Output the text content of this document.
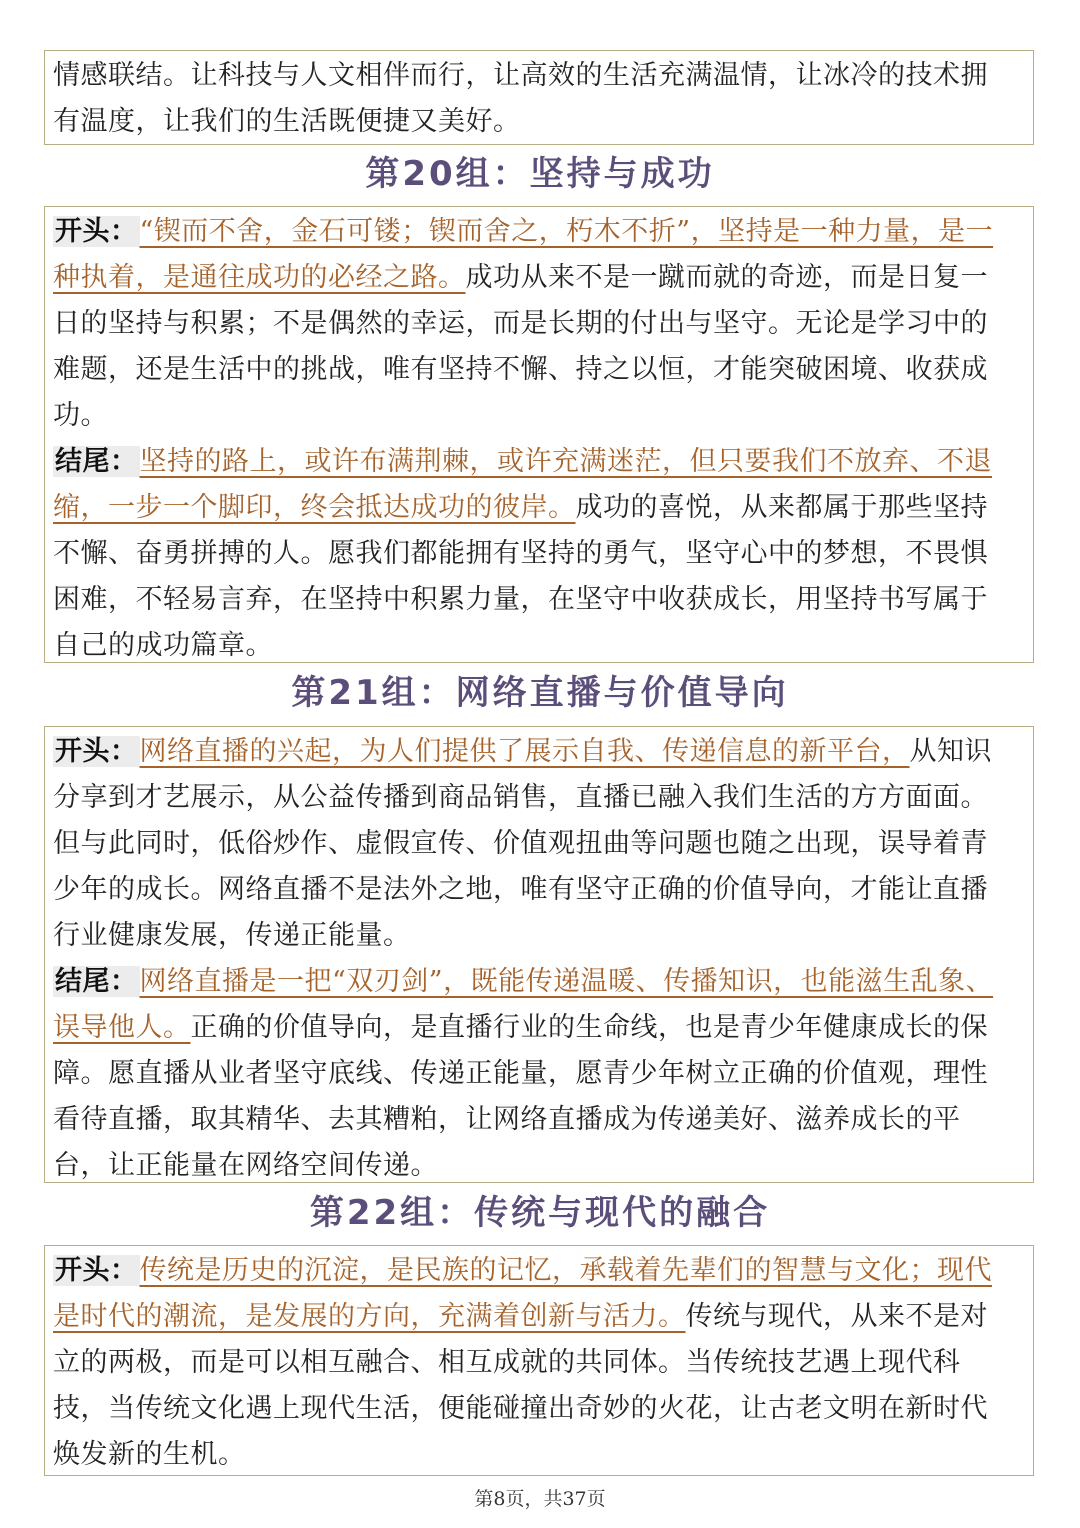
情感联结。让科技与人文相伴而行，让高效的生活充满温情，让冰冷的技术拥有温度，让我们的生活既便捷又美好。

第20组：坚持与成功

开头：“锲而不舍，金石可镂；锲而舍之，朽木不折”，坚持是一种力量，是一种执着，是通往成功的必经之路。成功从来不是一蹴而就的奇迹，而是日复一日的坚持与积累；不是偶然的幸运，而是长期的付出与坚守。无论是学习中的难题，还是生活中的挑战，唯有坚持不懈、持之以恒，才能突破困境、收获成功。

结尾：坚持的路上，或许布满荆棘，或许充满迷茫，但只要我们不放弃、不退缩，一步一个脚印，终会抵达成功的彼岸。成功的喜悦，从来都属于那些坚持不懈、奋勇拼搏的人。愿我们都能拥有坚持的勇气，坚守心中的梦想，不畏惧困难，不轻易言弃，在坚持中积累力量，在坚守中收获成长，用坚持书写属于自己的成功篇章。

第21组：网络直播与价值导向

开头：网络直播的兴起，为人们提供了展示自我、传递信息的新平台，从知识分享到才艺展示，从公益传播到商品销售，直播已融入我们生活的方方面面。但与此同时，低俗炒作、虚假宣传、价值观扭曲等问题也随之出现，误导着青少年的成长。网络直播不是法外之地，唯有坚守正确的价值导向，才能让直播行业健康发展，传递正能量。

结尾：网络直播是一把“双刃剑”，既能传递温暖、传播知识，也能滋生乱象、误导他人。正确的价值导向，是直播行业的生命线，也是青少年健康成长的保障。愿直播从业者坚守底线、传递正能量，愿青少年树立正确的价值观，理性看待直播，取其精华、去其糟粕，让网络直播成为传递美好、滋养成长的平台，让正能量在网络空间传递。

第22组：传统与现代的融合

开头：传统是历史的沉淀，是民族的记忆，承载着先辈们的智慧与文化；现代是时代的潮流，是发展的方向，充满着创新与活力。传统与现代，从来不是对立的两极，而是可以相互融合、相互成就的共同体。当传统技艺遇上现代科技，当传统文化遇上现代生活，便能碰撞出奇妙的火花，让古老文明在新时代焕发新的生机。

第8页，共37页
